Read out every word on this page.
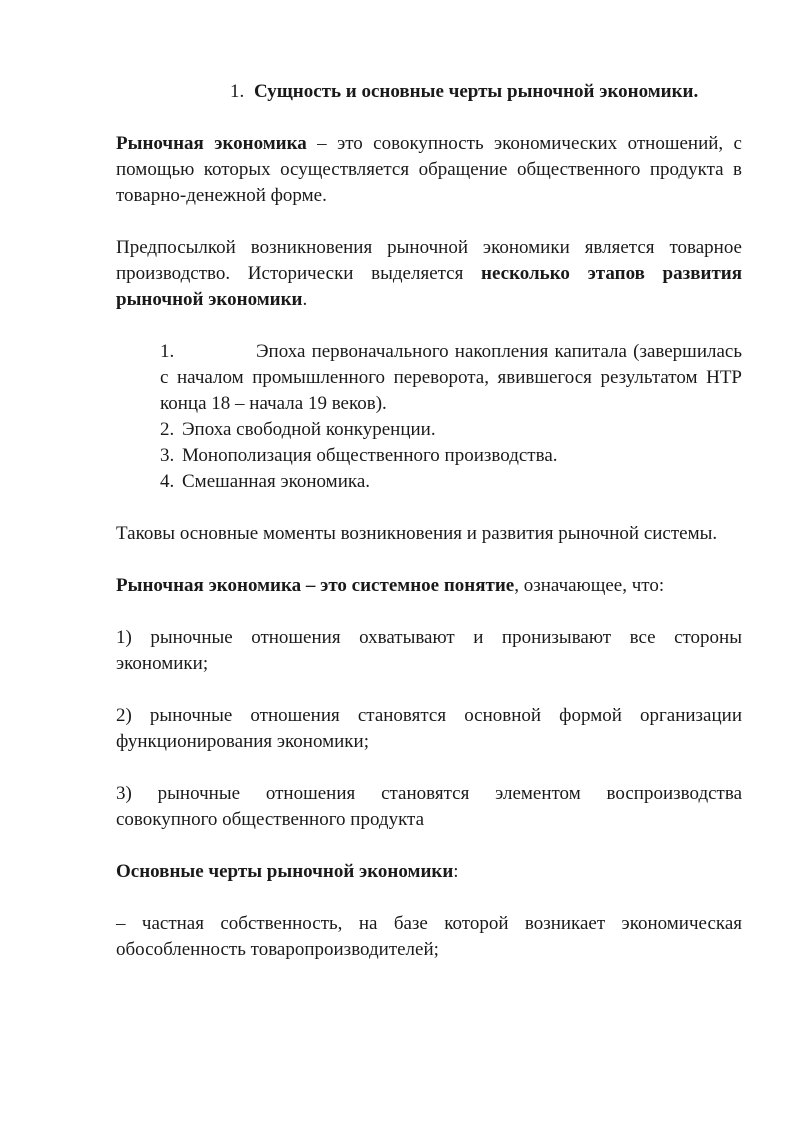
1. Сущность и основные черты рыночной экономики.

Рыночная экономика – это совокупность экономических отношений, с помощью которых осуществляется обращение общественного продукта в товарно-денежной форме.

Предпосылкой возникновения рыночной экономики является товарное производство. Исторически выделяется несколько этапов развития рыночной экономики.

1.	Эпоха первоначального накопления капитала (завершилась с началом промышленного переворота, явившегося результатом НТР конца 18 – начала 19 веков).

2. Эпоха свободной конкуренции.
3. Монополизация общественного производства.
4. Смешанная экономика.

Таковы основные моменты возникновения и развития рыночной системы.

Рыночная экономика – это системное понятие, означающее, что:

1) рыночные отношения охватывают и пронизывают все стороны экономики;

2) рыночные отношения становятся основной формой организации функционирования экономики;

3) рыночные отношения становятся элементом воспроизводства совокупного общественного продукта

Основные черты рыночной экономики:

– частная собственность, на базе которой возникает экономическая обособленность товаропроизводителей;
